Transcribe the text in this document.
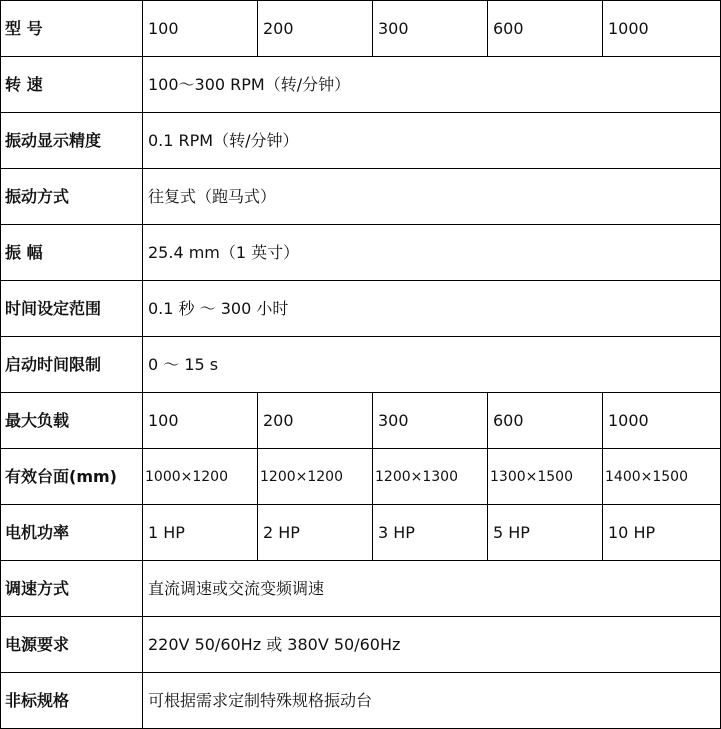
型 号	100	200	300	600	1000
转 速	100～300 RPM（转/分钟）				
振动显示精度	0.1 RPM（转/分钟）				
振动方式	往复式（跑马式）				
振 幅	25.4 mm（1 英寸）				
时间设定范围	0.1 秒 ～ 300 小时				
启动时间限制	0 ～ 15 s				
最大负载	100	200	300	600	1000
有效台面(mm)	1000×1200	1200×1200	1200×1300	1300×1500	1400×1500
电机功率	1 HP	2 HP	3 HP	5 HP	10 HP
调速方式	直流调速或交流变频调速				
电源要求	220V 50/60Hz 或 380V 50/60Hz				
非标规格	可根据需求定制特殊规格振动台				
